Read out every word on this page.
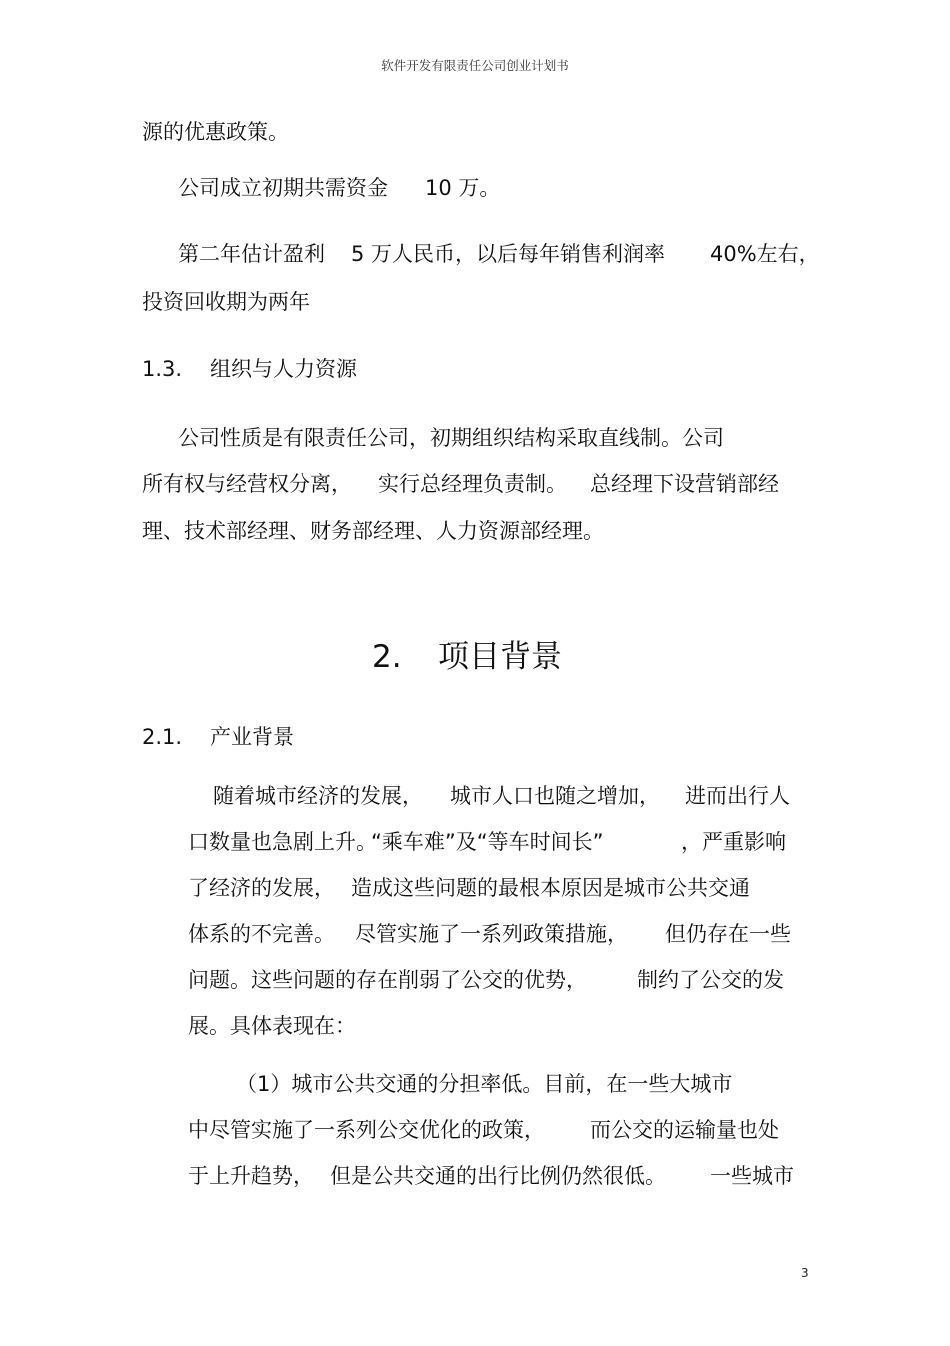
软件开发有限责任公司创业计划书
源的优惠政策。
公司成立初期共需资金 10 万。
第二年估计盈利 5 万人民币，以后每年销售利润率 40%左右，
投资回收期为两年
1.3. 组织与人力资源
公司性质是有限责任公司，初期组织结构采取直线制。公司
所有权与经营权分离， 实行总经理负责制。 总经理下设营销部经
理、技术部经理、财务部经理、人力资源部经理。
2. 项目背景
2.1. 产业背景
随着城市经济的发展， 城市人口也随之增加， 进而出行人
口数量也急剧上升。
“乘车难”及“等车时间长”	，严重影响
了经济的发展， 造成这些问题的最根本原因是城市公共交通
体系的不完善。 尽管实施了一系列政策措施， 但仍存在一些
问题。这些问题的存在削弱了公交的优势， 制约了公交的发
展。具体表现在：
（1）城市公共交通的分担率低。目前，在一些大城市
中尽管实施了一系列公交优化的政策， 而公交的运输量也处
于上升趋势， 但是公共交通的出行比例仍然很低。 一些城市
3
